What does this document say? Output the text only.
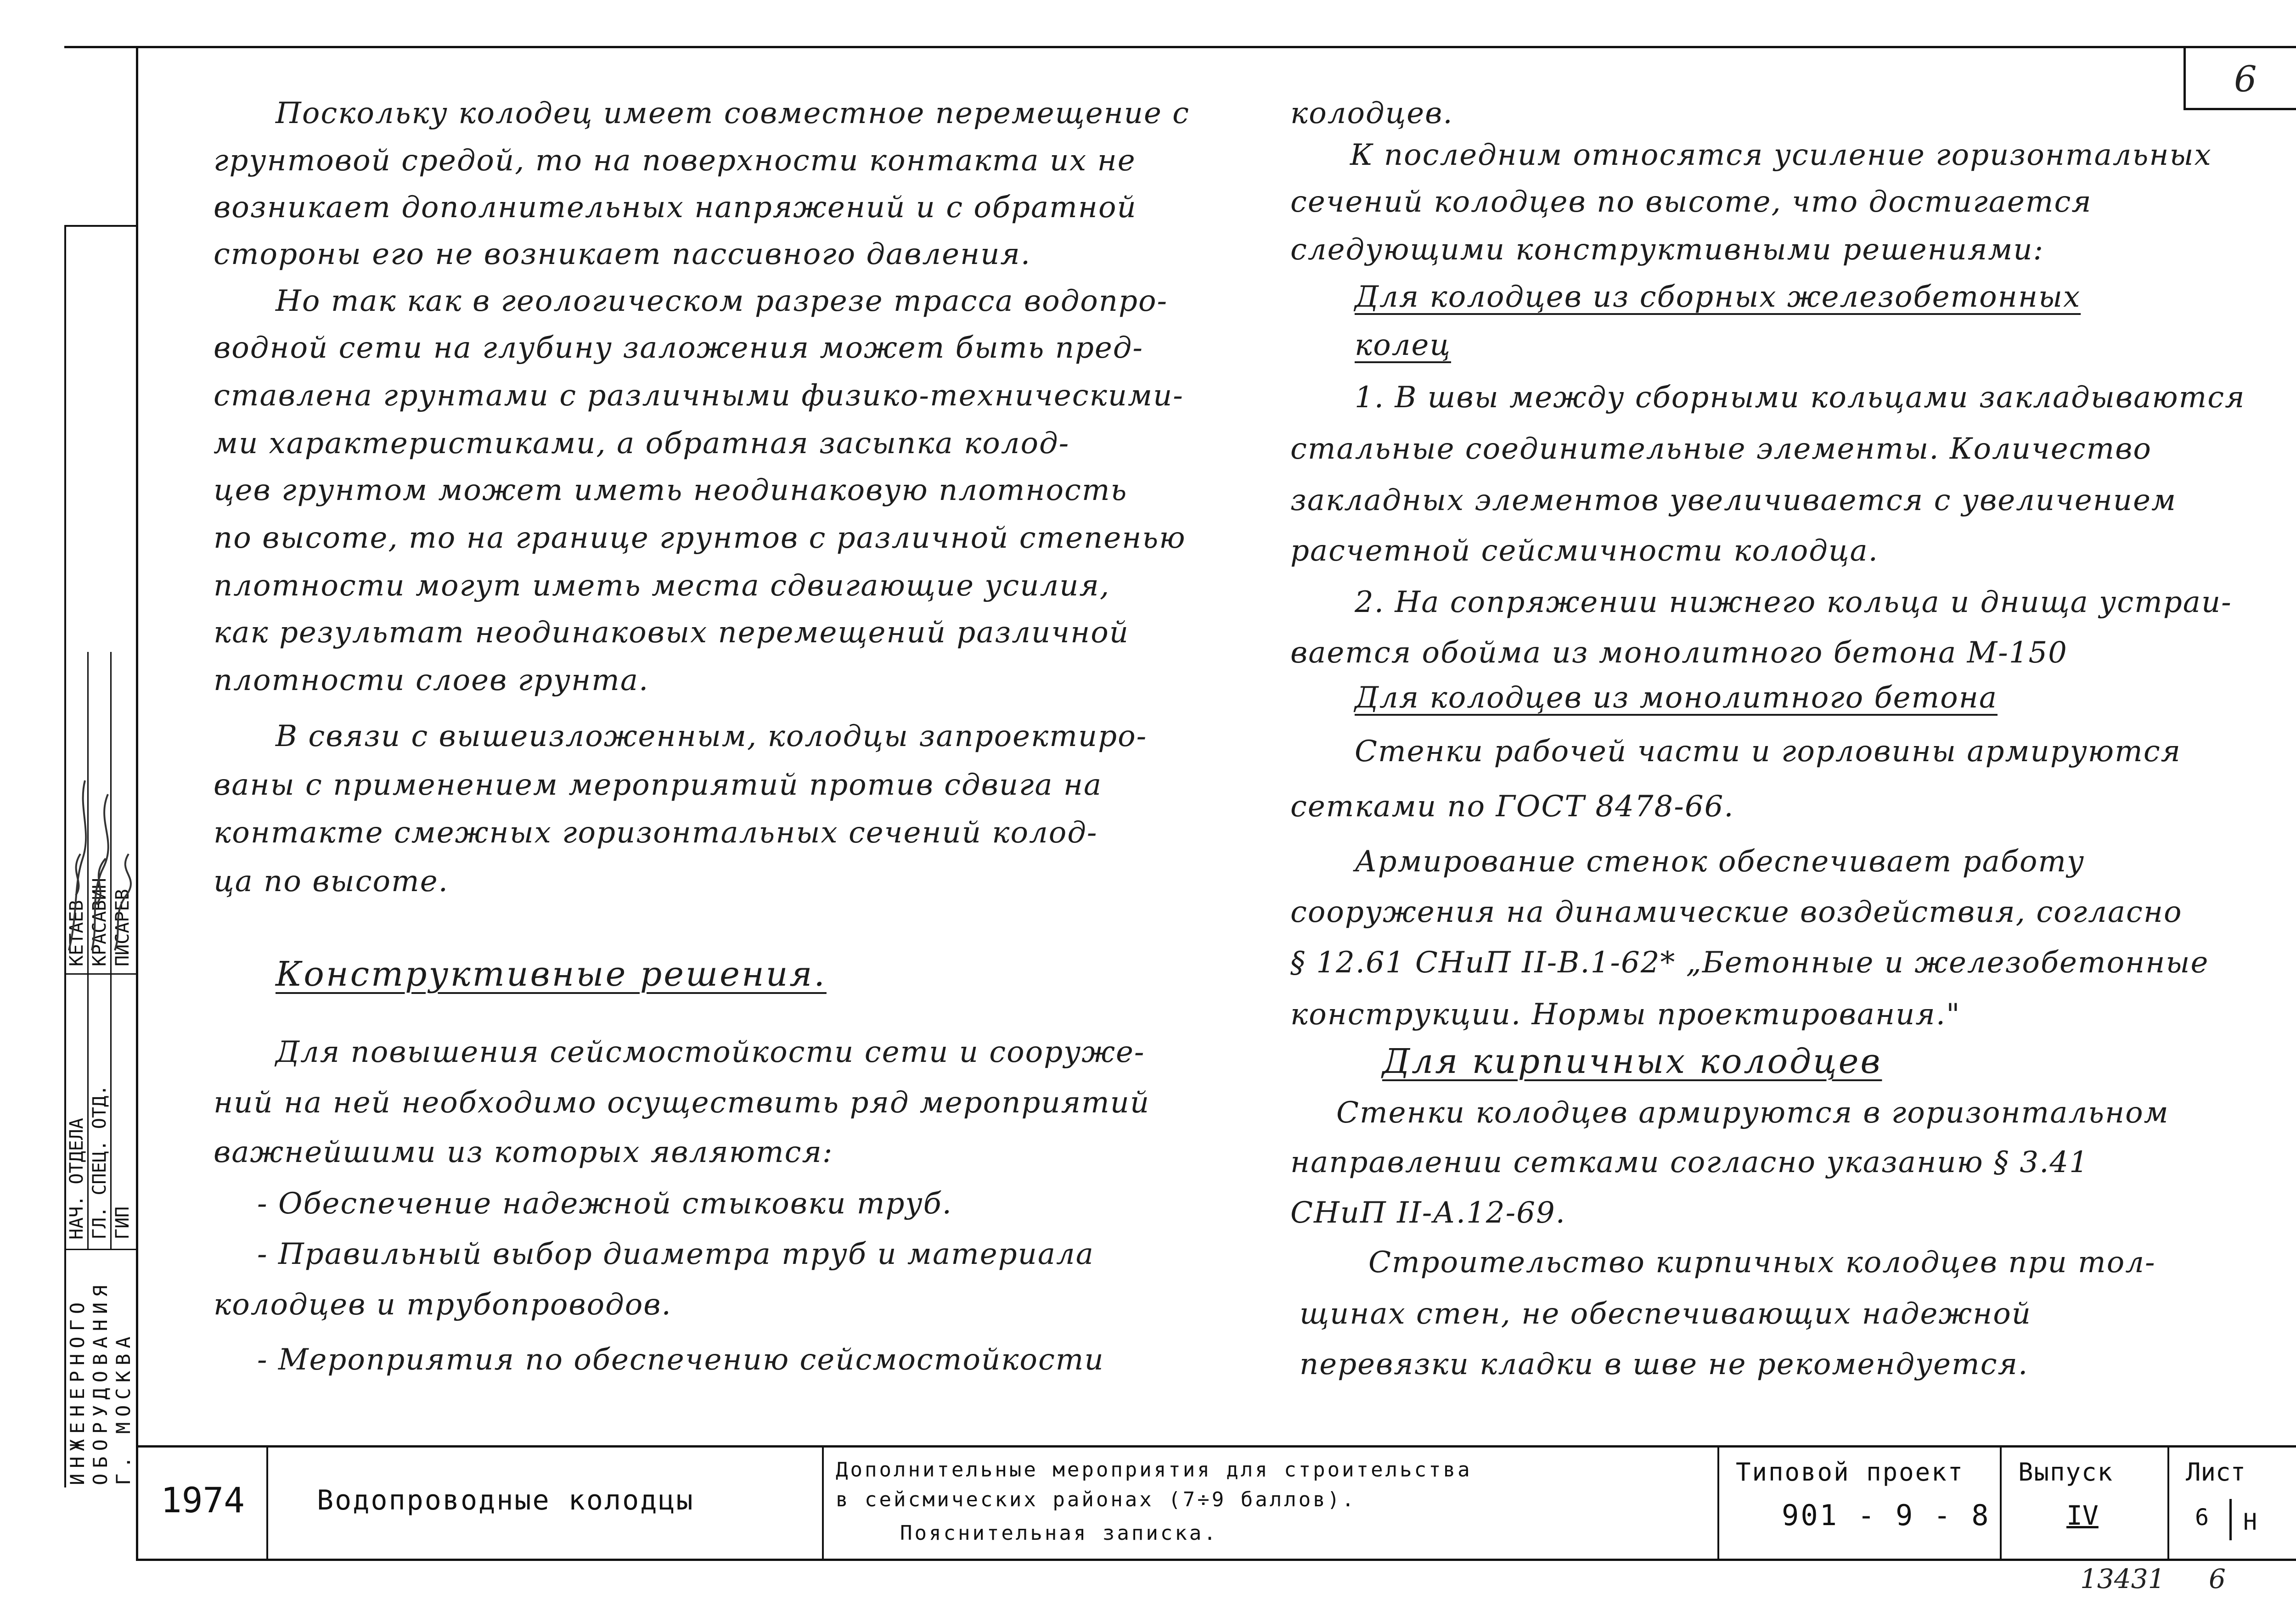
6
Поскольку колодец имеет совместное перемещение с
грунтовой средой, то на поверхности контакта их не
возникает дополнительных напряжений и с обратной
стороны его не возникает пассивного давления.
Но так как в геологическом разрезе трасса водопро-
водной сети на глубину заложения может быть пред-
ставлена грунтами с различными физико-техническими-
ми характеристиками, а обратная засыпка колод-
цев грунтом может иметь неодинаковую плотность
по высоте, то на границе грунтов с различной степенью
плотности могут иметь места сдвигающие усилия,
как результат неодинаковых перемещений различной
плотности слоев грунта.
В связи с вышеизложенным, колодцы запроектиро-
ваны с применением мероприятий против сдвига на
контакте смежных горизонтальных сечений колод-
ца по высоте.
Конструктивные решения.
Для повышения сейсмостойкости сети и сооруже-
ний на ней необходимо осуществить ряд мероприятий
важнейшими из которых являются:
- Обеспечение надежной стыковки труб.
- Правильный выбор диаметра труб и материала
колодцев и трубопроводов.
- Мероприятия по обеспечению сейсмостойкости
колодцев.
К последним относятся усиление горизонтальных
сечений колодцев по высоте, что достигается
следующими конструктивными решениями:
Для колодцев из сборных железобетонных
колец
1. В швы между сборными кольцами закладываются
стальные соединительные элементы. Количество
закладных элементов увеличивается с увеличением
расчетной сейсмичности колодца.
2. На сопряжении нижнего кольца и днища устраи-
вается обойма из монолитного бетона М-150
Для колодцев из монолитного бетона
Стенки рабочей части и горловины армируются
сетками по ГОСТ 8478-66.
Армирование стенок обеспечивает работу
сооружения на динамические воздействия, согласно
§ 12.61 СНиП II-В.1-62* „Бетонные и железобетонные
конструкции. Нормы проектирования."
Для кирпичных колодцев
Стенки колодцев армируются в горизонтальном
направлении сетками согласно указанию § 3.41
СНиП II-А.12-69.
Строительство кирпичных колодцев при тол-
щинах стен, не обеспечивающих надежной
перевязки кладки в шве не рекомендуется.
НАЧ. ОТДЕЛА ГЛ. СПЕЦ. ОТД. ГИП
КЕТАЕВ КРАСАВИН ПИСАРЕВ
ИНЖЕНЕРНОГО ОБОРУДОВАНИЯ Г. МОСКВА
1974	Водопроводные колодцы
Дополнительные мероприятия для строительства
в сейсмических районах (7÷9 баллов).
Пояснительная записка.
Типовой проект
901 - 9 - 8
Выпуск
IV
Лист
6 Н
13431 6
